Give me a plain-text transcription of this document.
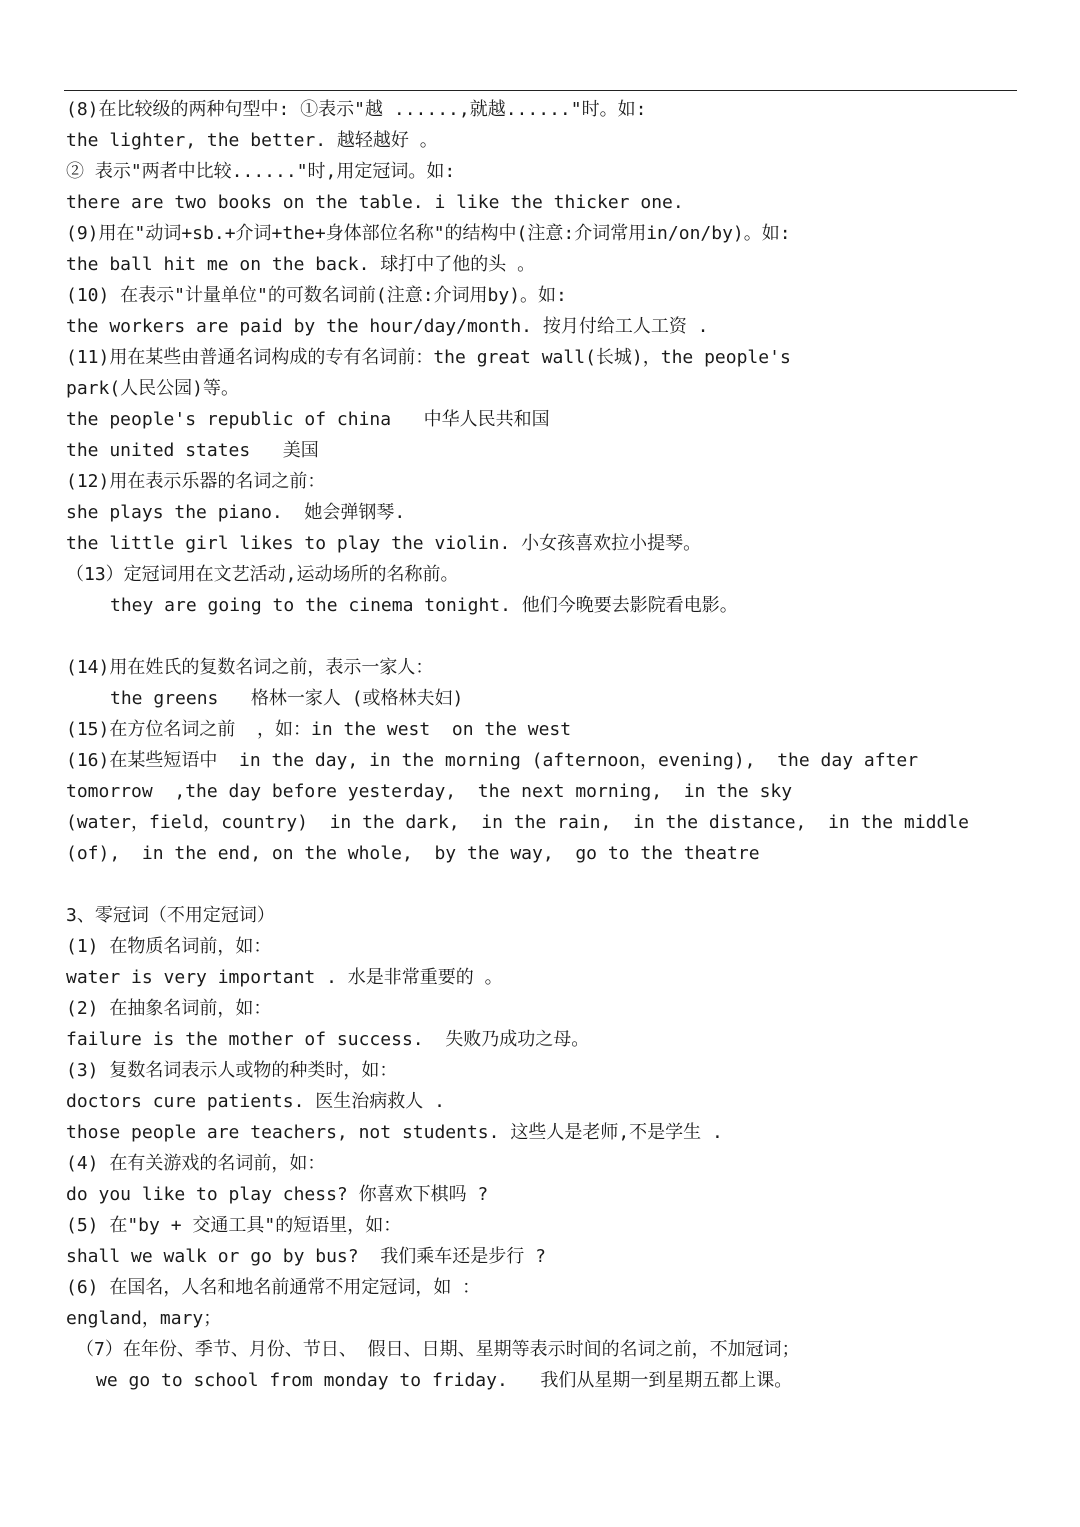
(8)在比较级的两种句型中: ①表示"越 ......,就越......"时。如:
the lighter, the better. 越轻越好 。
② 表示"两者中比较......"时,用定冠词。如:
there are two books on the table. i like the thicker one.
(9)用在"动词+sb.+介词+the+身体部位名称"的结构中(注意:介词常用in/on/by)。如:
the ball hit me on the back. 球打中了他的头 。
(10) 在表示"计量单位"的可数名词前(注意:介词用by)。如:
the workers are paid by the hour/day/month. 按月付给工人工资 .
(11)用在某些由普通名词构成的专有名词前：the great wall(长城)，the people's
park(人民公园)等。
the people's republic of china   中华人民共和国
the united states   美国
(12)用在表示乐器的名词之前：
she plays the piano.  她会弹钢琴.
the little girl likes to play the violin. 小女孩喜欢拉小提琴。
（13）定冠词用在文艺活动,运动场所的名称前。
they are going to the cinema tonight. 他们今晚要去影院看电影。
(14)用在姓氏的复数名词之前，表示一家人：
the greens   格林一家人 (或格林夫妇)
(15)在方位名词之前  ，如：in the west  on the west
(16)在某些短语中  in the day, in the morning (afternoon，evening),  the day after
tomorrow  ,the day before yesterday,  the next morning,  in the sky
(water，field，country)  in the dark,  in the rain,  in the distance,  in the middle
(of),  in the end, on the whole,  by the way,  go to the theatre
3、零冠词（不用定冠词）
(1) 在物质名词前，如：
water is very important . 水是非常重要的 。
(2) 在抽象名词前，如：
failure is the mother of success.  失败乃成功之母。
(3) 复数名词表示人或物的种类时，如：
doctors cure patients. 医生治病救人 .
those people are teachers, not students. 这些人是老师,不是学生 .
(4) 在有关游戏的名词前，如：
do you like to play chess? 你喜欢下棋吗 ?
(5) 在"by + 交通工具"的短语里，如：
shall we walk or go by bus?  我们乘车还是步行 ?
(6) 在国名，人名和地名前通常不用定冠词，如 ：
england，mary；
（7）在年份、季节、月份、节日、 假日、日期、星期等表示时间的名词之前，不加冠词；
we go to school from monday to friday.   我们从星期一到星期五都上课。
